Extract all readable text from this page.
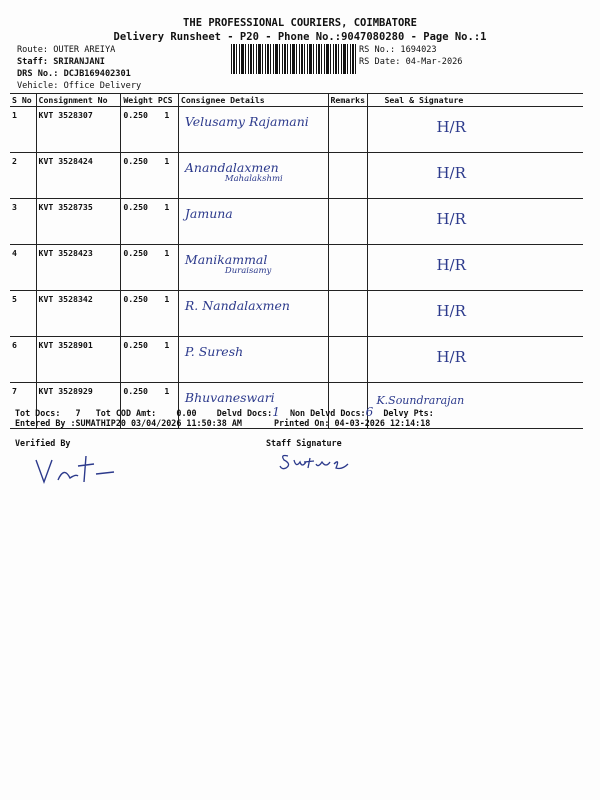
THE PROFESSIONAL COURIERS, COIMBATORE
Delivery Runsheet - P20 - Phone No.:9047080280 - Page No.:1
Route: OUTER AREIYA
Staff: SRIRANJANI
DRS No.: DCJB169402301
Vehicle: Office Delivery
RS No.: 1694023
RS Date: 04-Mar-2026
S No	Consignment No	Weight PCS	Consignee Details	Remarks	Seal & Signature
1	KVT 3528307	0.250 1	Velusamy Rajamani		H/R

2	KVT 3528424	0.250 1	Anandalaxmen
Mahalakshmi		H/R

3	KVT 3528735	0.250 1	Jamuna		H/R

4	KVT 3528423	0.250 1	Manikammal
Duraisamy		H/R

5	KVT 3528342	0.250 1	R. Nandalaxmen		H/R

6	KVT 3528901	0.250 1	P. Suresh		H/R

7	KVT 3528929	0.250 1	Bhuvaneswari		K.Soundrarajan
Tot Docs: 7 Tot COD Amt: 0.00 Delvd Docs:1 Non Delvd Docs:6 Delvy Pts:
Entered By :SUMATHIP20 03/04/2026 11:50:38 AM	Printed On: 04-03-2026 12:14:18
Verified By	Staff Signature
